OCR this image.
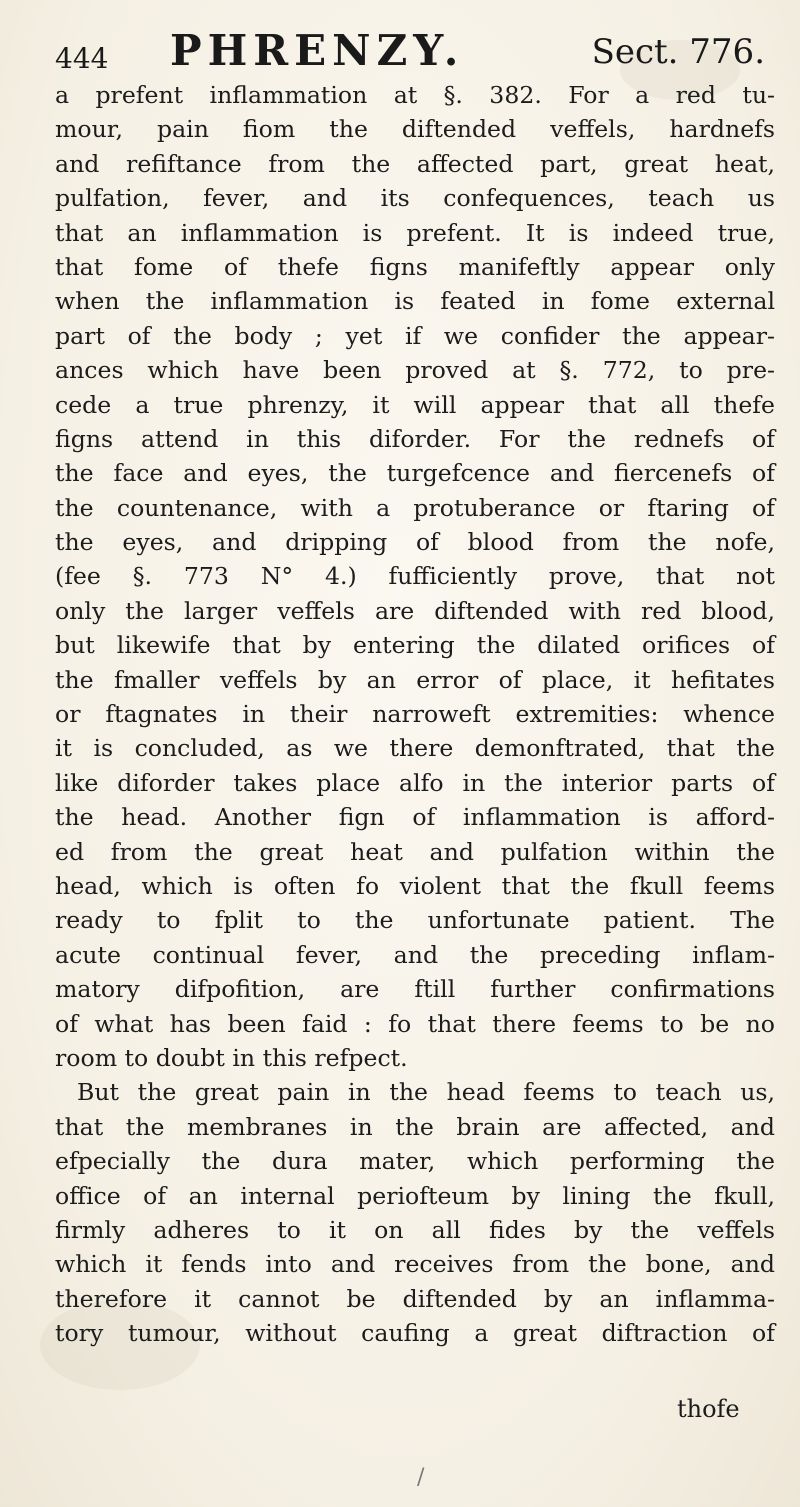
444 PHRENZY.	Sect. 776.
a prefent inflammation at §. 382. For a red tu-
mour, pain fiom the diftended veffels, hardnefs
and refiftance from the affected part, great heat,
pulfation, fever, and its confequences, teach us
that an inflammation is prefent. It is indeed true,
that fome of thefe figns manifeftly appear only
when the inflammation is feated in fome external
part of the body ; yet if we confider the appear-
ances which have been proved at §. 772, to pre-
cede a true phrenzy, it will appear that all thefe
figns attend in this diforder. For the rednefs of
the face and eyes, the turgefcence and fiercenefs of
the countenance, with a protuberance or ftaring of
the eyes, and dripping of blood from the nofe,
(fee §. 773 N° 4.) fufficiently prove, that not
only the larger veffels are diftended with red blood,
but likewife that by entering the dilated orifices of
the fmaller veffels by an error of place, it hefitates
or ftagnates in their narroweft extremities: whence
it is concluded, as we there demonftrated, that the
like diforder takes place alfo in the interior parts of
the head. Another fign of inflammation is afford-
ed from the great heat and pulfation within the
head, which is often fo violent that the fkull feems
ready to fplit to the unfortunate patient. The
acute continual fever, and the preceding inflam-
matory difpofition, are ftill further confirmations
of what has been faid : fo that there feems to be no
room to doubt in this refpect.
But the great pain in the head feems to teach us,
that the membranes in the brain are affected, and
efpecially the dura mater, which performing the
office of an internal periofteum by lining the fkull,
firmly adheres to it on all fides by the veffels
which it fends into and receives from the bone, and
therefore it cannot be diftended by an inflamma-
tory tumour, without caufing a great diftraction of
thofe
/
